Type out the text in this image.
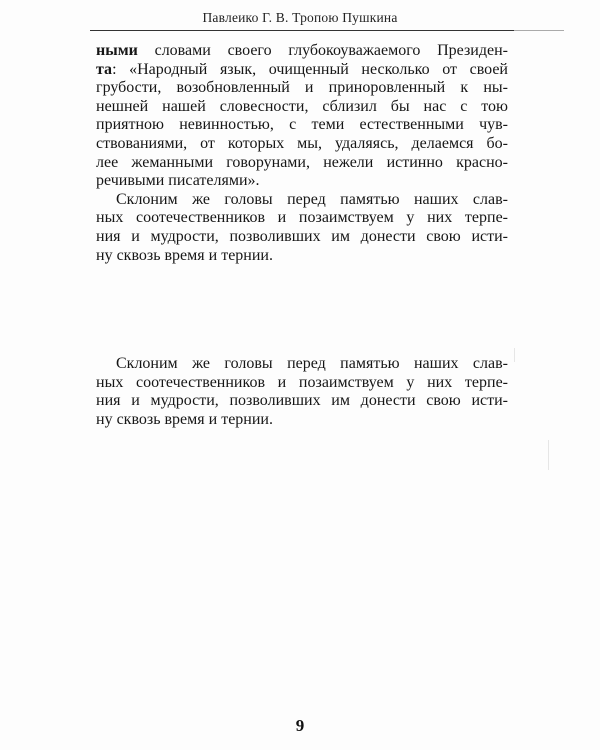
Павлеико Г. В. Тропою Пушкина
ными словами своего глубокоуважаемого Президен-
та: «Народный язык, очищенный несколько от своей
грубости, возобновленный и приноровленный к ны-
нешней нашей словесности, сблизил бы нас с тою
приятною невинностью, с теми естественными чув-
ствованиями, от которых мы, удаляясь, делаемся бо-
лее жеманными говорунами, нежели истинно красно-
речивыми писателями».
Склоним же головы перед памятью наших слав-
ных соотечественников и позаимствуем у них терпе-
ния и мудрости, позволивших им донести свою исти-
ну сквозь время и тернии.
Склоним же головы перед памятью наших слав-
ных соотечественников и позаимствуем у них терпе-
ния и мудрости, позволивших им донести свою исти-
ну сквозь время и тернии.
9
